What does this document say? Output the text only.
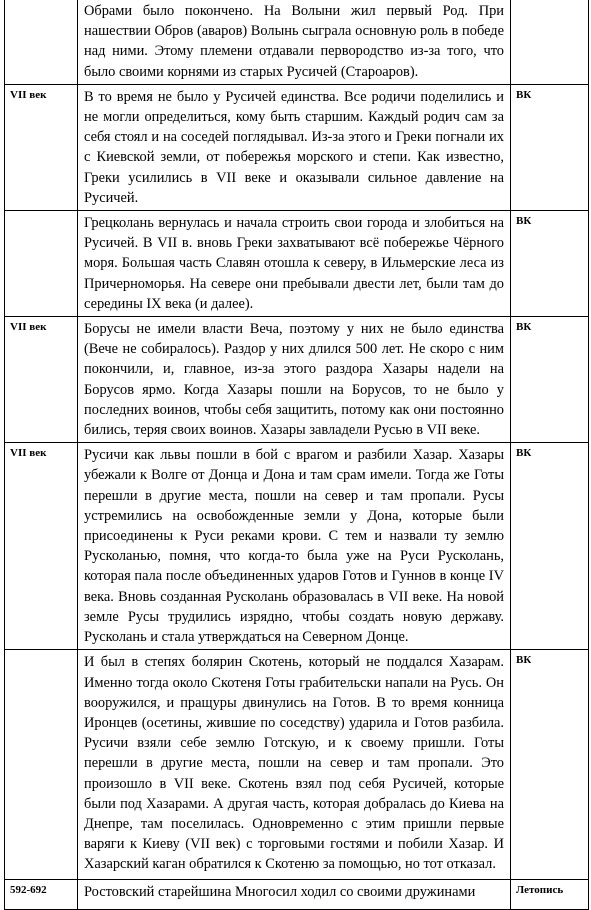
	Обрами было покончено. На Волыни жил первый Род. При нашествии Обров (аваров) Волынь сыграла основную роль в победе над ними. Этому племени отдавали первородство из-за того, что было своими корнями из старых Русичей (Староаров).	

VII век	В то время не было у Русичей единства. Все родичи поделились и не могли определиться, кому быть старшим. Каждый родич сам за себя стоял и на соседей поглядывал. Из-за этого и Греки погнали их с Киевской земли, от побережья морского и степи. Как известно, Греки усилились в VII веке и оказывали сильное давление на Русичей.	ВК

	Грецколань вернулась и начала строить свои города и злобиться на Русичей. В VII в. вновь Греки захватывают всё побережье Чёрного моря. Большая часть Славян отошла к северу, в Ильмерские леса из Причерноморья. На севере они пребывали двести лет, были там до середины IX века (и далее).	ВК
VII век	Борусы не имели власти Веча, поэтому у них не было единства (Вече не собиралось). Раздор у них длился 500 лет. Не скоро с ним покончили, и, главное, из-за этого раздора Хазары надели на Борусов ярмо. Когда Хазары пошли на Борусов, то не было у последних воинов, чтобы себя защитить, потому как они постоянно бились, теряя своих воинов. Хазары завладели Русью в VII веке.	ВК
VII век	Русичи как львы пошли в бой с врагом и разбили Хазар. Хазары убежали к Волге от Донца и Дона и там срам имели. Тогда же Готы перешли в другие места, пошли на север и там пропали. Русы устремились на освобожденные земли у Дона, которые были присоединены к Руси реками крови. С тем и назвали ту землю Русколанью, помня, что когда-то была уже на Руси Русколань, которая пала после объединенных ударов Готов и Гуннов в конце IV века. Вновь созданная Русколань образовалась в VII веке. На новой земле Русы трудились изрядно, чтобы создать новую державу. Русколань и стала утверждаться на Северном Донце.	ВК

	И был в степях болярин Скотень, который не поддался Хазарам. Именно тогда около Скотеня Готы грабительски напали на Русь. Он вооружился, и пращуры двинулись на Готов. В то время конница Иронцев (осетины, жившие по соседству) ударила и Готов разбила. Русичи взяли себе землю Готскую, и к своему пришли. Готы перешли в другие места, пошли на север и там пропали. Это произошло в VII веке. Скотень взял под себя Русичей, которые были под Хазарами. А другая часть, которая добралась до Киева на Днепре, там поселилась. Одновременно с этим пришли первые варяги к Киеву (VII век) с торговыми гостями и побили Хазар. И Хазарский каган обратился к Скотеню за помощью, но тот отказал.	ВК
592-692	Ростовский старейшина Многосил ходил со своими дружинами	Летопись
